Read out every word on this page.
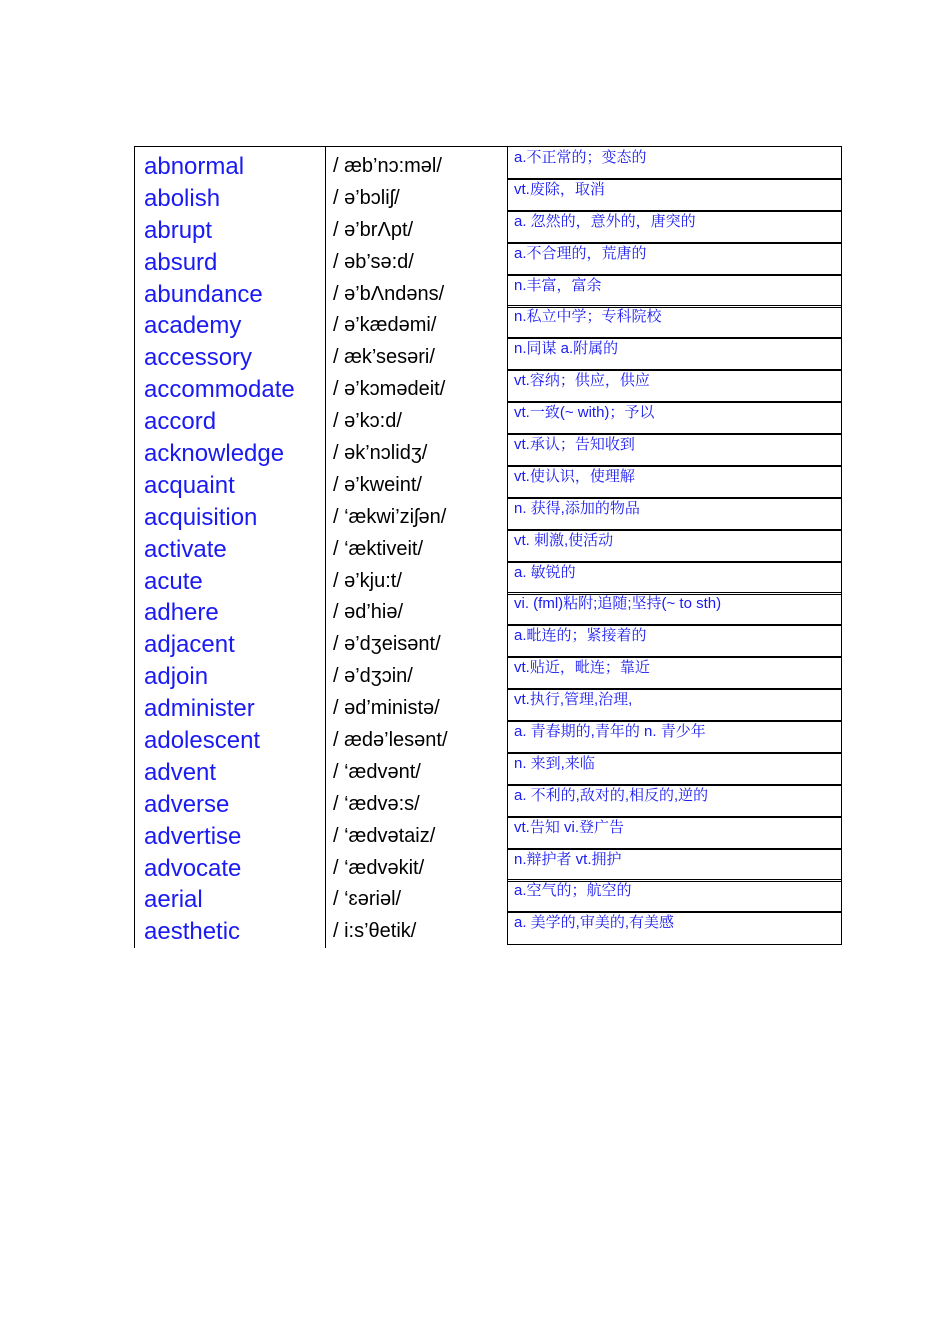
abnormal	/ æb’nɔ:məl/	a.不正常的；变态的
abolish	/ ə’bɔliʃ/	vt.废除，取消
abrupt	/ ə’brΛpt/	a. 忽然的，意外的，唐突的
absurd	/ əb’sə:d/	a.不合理的，荒唐的
abundance	/ ə’bΛndəns/	n.丰富，富余
academy	/ ə’kædəmi/	n.私立中学；专科院校
accessory	/ æk’sesəri/	n.同谋 a.附属的
accommodate	/ ə’kɔmədeit/	vt.容纳；供应，供应
accord	/ ə’kɔ:d/	vt.一致(~ with)；予以
acknowledge	/ ək’nɔlidʒ/	vt.承认；告知收到
acquaint	/ ə’kweint/	vt.使认识，使理解
acquisition	/ ‘ækwi’ziʃən/	n. 获得,添加的物品
activate	/ ‘æktiveit/	vt. 刺激,使活动
acute	/ ə’kju:t/	a. 敏锐的
adhere	/ əd’hiə/	vi. (fml)粘附;追随;坚持(~ to sth)
adjacent	/ ə’dʒeisənt/	a.毗连的；紧接着的
adjoin	/ ə’dʒɔin/	vt.贴近，毗连；靠近
administer	/ əd’ministə/	vt.执行,管理,治理,
adolescent	/ ædə’lesənt/	a. 青春期的,青年的 n. 青少年
advent	/ ‘ædvənt/	n. 来到,来临
adverse	/ ‘ædvə:s/	a. 不利的,敌对的,相反的,逆的
advertise	/ ‘ædvətaiz/	vt.告知 vi.登广告
advocate	/ ‘ædvəkit/	n.辩护者 vt.拥护
aerial	/ ‘ɛəriəl/	a.空气的；航空的
aesthetic	/ i:s’θetik/	a. 美学的,审美的,有美感
